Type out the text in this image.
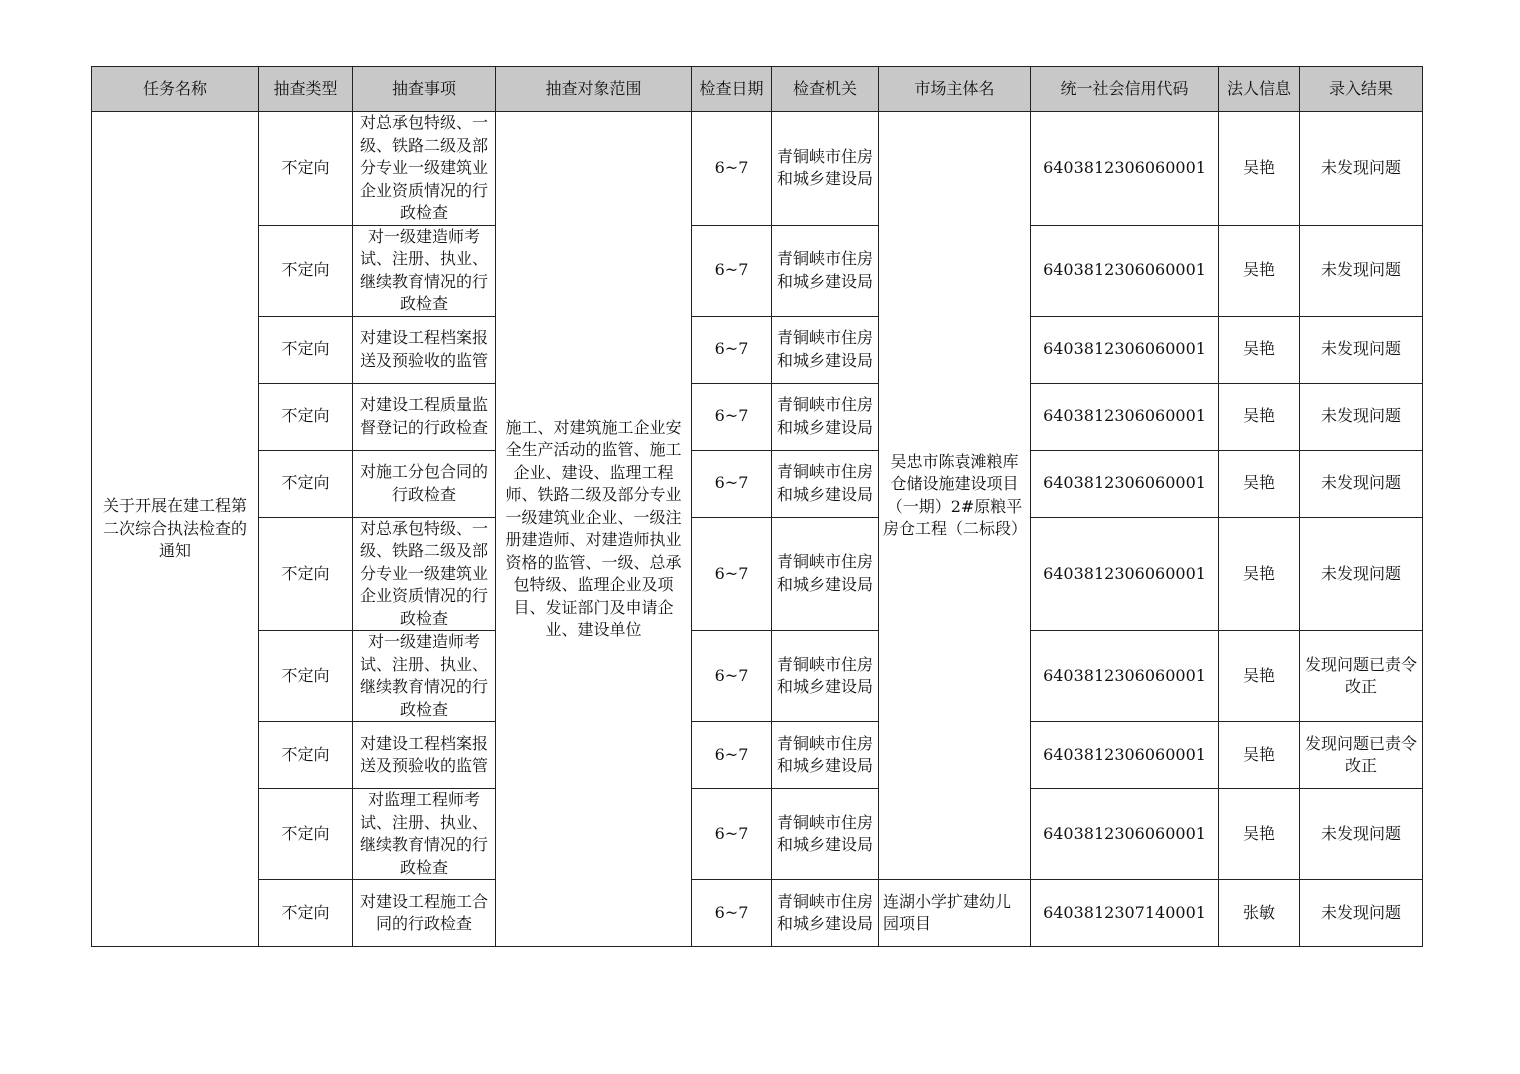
任务名称	抽查类型	抽查事项	抽查对象范围	检查日期	检查机关	市场主体名	统一社会信用代码	法人信息	录入结果
关于开展在建工程第二次综合执法检查的通知	不定向	对总承包特级、一级、铁路二级及部分专业一级建筑业企业资质情况的行政检查	施工、对建筑施工企业安全生产活动的监管、施工企业、建设、监理工程师、铁路二级及部分专业一级建筑业企业、一级注册建造师、对建造师执业资格的监管、一级、总承包特级、监理企业及项目、发证部门及申请企业、建设单位	6~7	青铜峡市住房和城乡建设局	吴忠市陈袁滩粮库仓储设施建设项目（一期）2#原粮平房仓工程（二标段）	6403812306060001	吴艳	未发现问题
	不定向	对一级建造师考试、注册、执业、继续教育情况的行政检查		6~7	青铜峡市住房和城乡建设局		6403812306060001	吴艳	未发现问题
	不定向	对建设工程档案报送及预验收的监管		6~7	青铜峡市住房和城乡建设局		6403812306060001	吴艳	未发现问题
	不定向	对建设工程质量监督登记的行政检查		6~7	青铜峡市住房和城乡建设局		6403812306060001	吴艳	未发现问题
	不定向	对施工分包合同的行政检查		6~7	青铜峡市住房和城乡建设局		6403812306060001	吴艳	未发现问题
	不定向	对总承包特级、一级、铁路二级及部分专业一级建筑业企业资质情况的行政检查		6~7	青铜峡市住房和城乡建设局		6403812306060001	吴艳	未发现问题
	不定向	对一级建造师考试、注册、执业、继续教育情况的行政检查		6~7	青铜峡市住房和城乡建设局		6403812306060001	吴艳	发现问题已责令改正
	不定向	对建设工程档案报送及预验收的监管		6~7	青铜峡市住房和城乡建设局		6403812306060001	吴艳	发现问题已责令改正
	不定向	对监理工程师考试、注册、执业、继续教育情况的行政检查		6~7	青铜峡市住房和城乡建设局		6403812306060001	吴艳	未发现问题
	不定向	对建设工程施工合同的行政检查		6~7	青铜峡市住房和城乡建设局	连湖小学扩建幼儿园项目	6403812307140001	张敏	未发现问题
